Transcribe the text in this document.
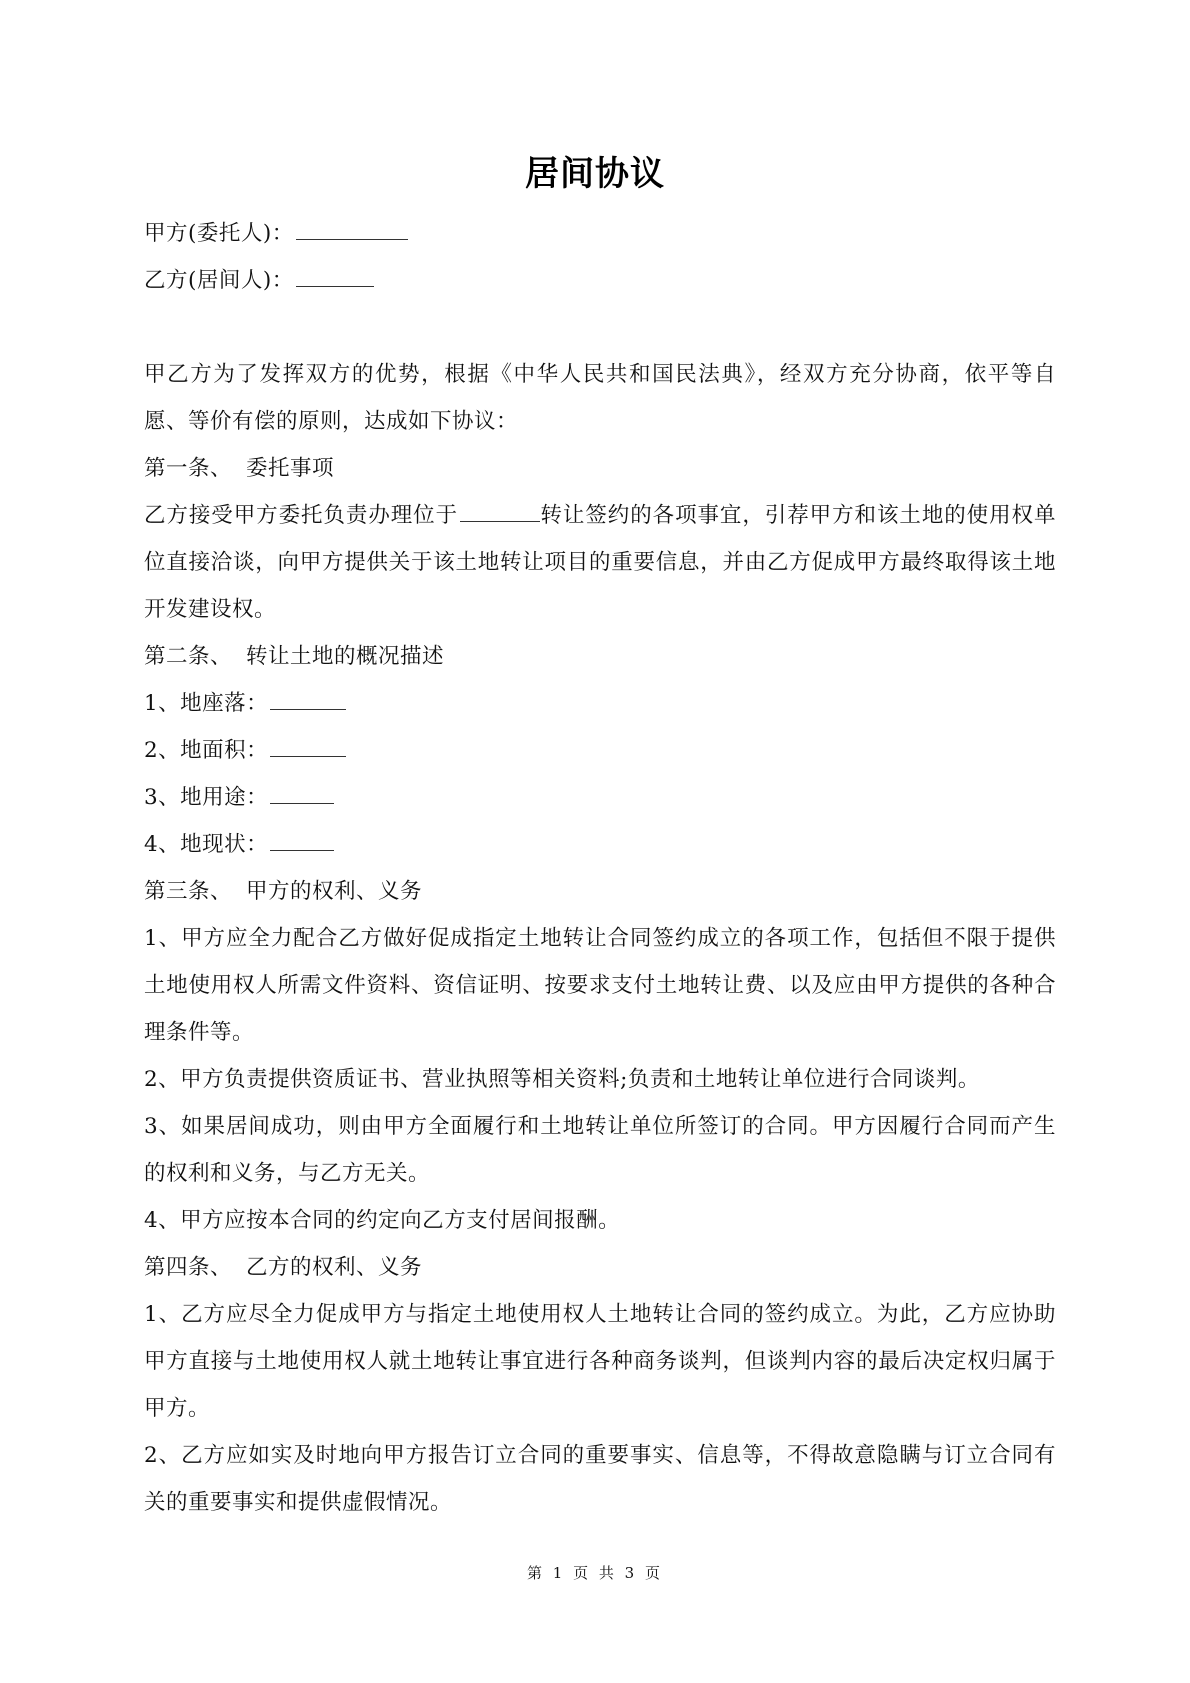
居间协议
甲方(委托人)：
乙方(居间人)：
甲乙方为了发挥双方的优势，根据《中华人民共和国民法典》，经双方充分协商，依平等自愿、等价有偿的原则，达成如下协议：
第一条、 委托事项
乙方接受甲方委托负责办理位于	转让签约的各项事宜，引荐甲方和该土地的使用权单位直接洽谈，向甲方提供关于该土地转让项目的重要信息，并由乙方促成甲方最终取得该土地开发建设权。
第二条、 转让土地的概况描述
1、地座落：
2、地面积：
3、地用途：
4、地现状：
第三条、 甲方的权利、义务
1、甲方应全力配合乙方做好促成指定土地转让合同签约成立的各项工作，包括但不限于提供土地使用权人所需文件资料、资信证明、按要求支付土地转让费、以及应由甲方提供的各种合理条件等。
2、甲方负责提供资质证书、营业执照等相关资料;负责和土地转让单位进行合同谈判。
3、如果居间成功，则由甲方全面履行和土地转让单位所签订的合同。甲方因履行合同而产生的权利和义务，与乙方无关。
4、甲方应按本合同的约定向乙方支付居间报酬。
第四条、 乙方的权利、义务
1、乙方应尽全力促成甲方与指定土地使用权人土地转让合同的签约成立。为此，乙方应协助甲方直接与土地使用权人就土地转让事宜进行各种商务谈判，但谈判内容的最后决定权归属于甲方。
2、乙方应如实及时地向甲方报告订立合同的重要事实、信息等，不得故意隐瞒与订立合同有关的重要事实和提供虚假情况。
第 1 页 共 3 页
